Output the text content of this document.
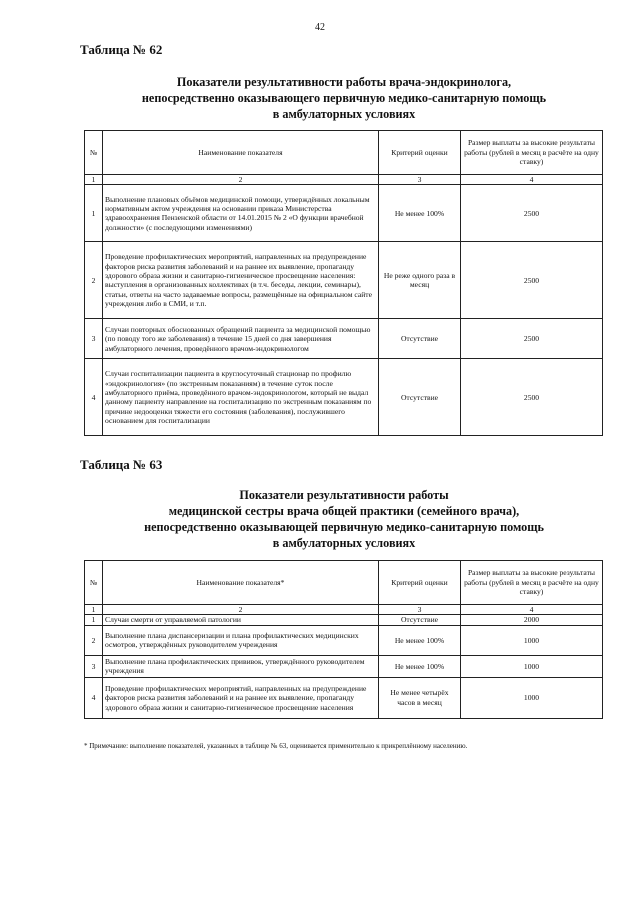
42
Таблица № 62
Показатели результативности работы врача-эндокринолога,
непосредственно оказывающего первичную медико-санитарную помощь
в амбулаторных условиях
№	Наименование показателя	Критерий оценки	Размер выплаты за высокие результаты работы (рублей в месяц в расчёте на одну ставку)
1	2	3	4
1	Выполнение плановых объёмов медицинской помощи, утверждённых локальным нормативным актом учреждения на основании приказа Министерства здравоохранения Пензенской области от 14.01.2015 № 2 «О функции врачебной должности» (с последующими изменениями)	Не менее 100%	2500
2	Проведение профилактических мероприятий, направленных на предупреждение факторов риска развития заболеваний и на раннее их выявление, пропаганду здорового образа жизни и санитарно-гигиеническое просвещение населения: выступления в организованных коллективах (в т.ч. беседы, лекции, семинары), статьи, ответы на часто задаваемые вопросы, размещённые на официальном сайте учреждения либо в СМИ, и т.п.	Не реже одного раза в месяц	2500
3	Случаи повторных обоснованных обращений пациента за медицинской помощью (по поводу того же заболевания) в течение 15 дней со дня завершения амбулаторного лечения, проведённого врачом-эндокринологом	Отсутствие	2500
4	Случаи госпитализации пациента в круглосуточный стационар по профилю «эндокринология» (по экстренным показаниям) в течение суток после амбулаторного приёма, проведённого врачом-эндокринологом, который не выдал данному пациенту направление на госпитализацию по экстренным показаниям по причине недооценки тяжести его состояния (заболевания), послужившего основанием для госпитализации	Отсутствие	2500
Таблица № 63
Показатели результативности работы
медицинской сестры врача общей практики (семейного врача),
непосредственно оказывающей первичную медико-санитарную помощь
в амбулаторных условиях
№	Наименование показателя*	Критерий оценки	Размер выплаты за высокие результаты работы (рублей в месяц в расчёте на одну ставку)
1	2	3	4
1	Случаи смерти от управляемой патологии	Отсутствие	2000
2	Выполнение плана диспансеризации и плана профилактических медицинских осмотров, утверждённых руководителем учреждения	Не менее 100%	1000
3	Выполнение плана профилактических прививок, утверждённого руководителем учреждения	Не менее 100%	1000
4	Проведение профилактических мероприятий, направленных на предупреждение факторов риска развития заболеваний и на раннее их выявление, пропаганду здорового образа жизни и санитарно-гигиеническое просвещение населения	Не менее четырёх часов в месяц	1000
* Примечание: выполнение показателей, указанных в таблице № 63, оценивается применительно к прикреплённому населению.
